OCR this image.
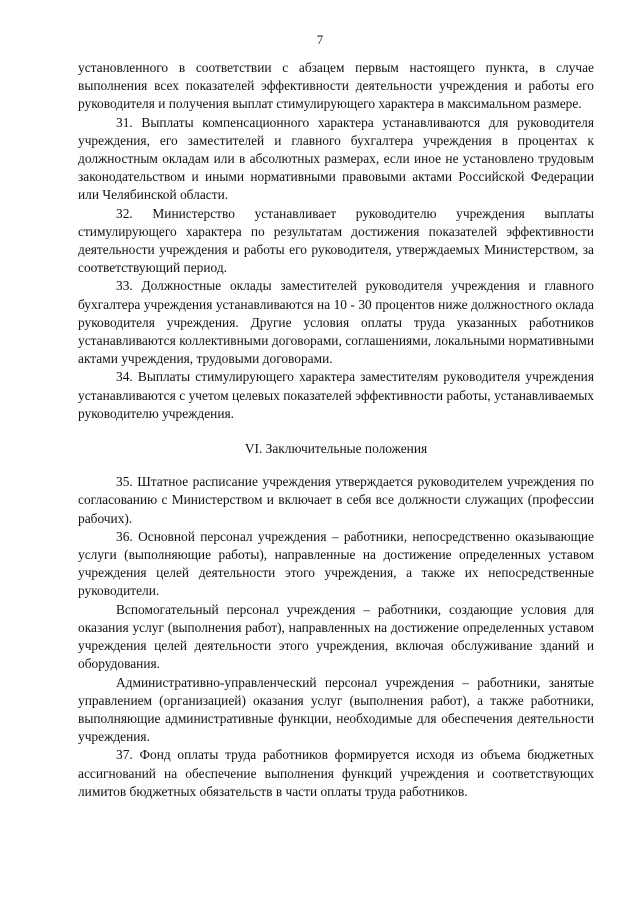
7

установленного в соответствии с абзацем первым настоящего пункта, в случае выполнения всех показателей эффективности деятельности учреждения и работы его руководителя и получения выплат стимулирующего характера в максимальном размере.

31. Выплаты компенсационного характера устанавливаются для руководителя учреждения, его заместителей и главного бухгалтера учреждения в процентах к должностным окладам или в абсолютных размерах, если иное не установлено трудовым законодательством и иными нормативными правовыми актами Российской Федерации или Челябинской области.

32. Министерство устанавливает руководителю учреждения выплаты стимулирующего характера по результатам достижения показателей эффективности деятельности учреждения и работы его руководителя, утверждаемых Министерством, за соответствующий период.

33. Должностные оклады заместителей руководителя учреждения и главного бухгалтера учреждения устанавливаются на 10 - 30 процентов ниже должностного оклада руководителя учреждения. Другие условия оплаты труда указанных работников устанавливаются коллективными договорами, соглашениями, локальными нормативными актами учреждения, трудовыми договорами.

34. Выплаты стимулирующего характера заместителям руководителя учреждения устанавливаются с учетом целевых показателей эффективности работы, устанавливаемых руководителю учреждения.

VI. Заключительные положения

35. Штатное расписание учреждения утверждается руководителем учреждения по согласованию с Министерством и включает в себя все должности служащих (профессии рабочих).

36. Основной персонал учреждения – работники, непосредственно оказывающие услуги (выполняющие работы), направленные на достижение определенных уставом учреждения целей деятельности этого учреждения, а также их непосредственные руководители.

Вспомогательный персонал учреждения – работники, создающие условия для оказания услуг (выполнения работ), направленных на достижение определенных уставом учреждения целей деятельности этого учреждения, включая обслуживание зданий и оборудования.

Административно-управленческий персонал учреждения – работники, занятые управлением (организацией) оказания услуг (выполнения работ), а также работники, выполняющие административные функции, необходимые для обеспечения деятельности учреждения.

37. Фонд оплаты труда работников формируется исходя из объема бюджетных ассигнований на обеспечение выполнения функций учреждения и соответствующих лимитов бюджетных обязательств в части оплаты труда работников.
